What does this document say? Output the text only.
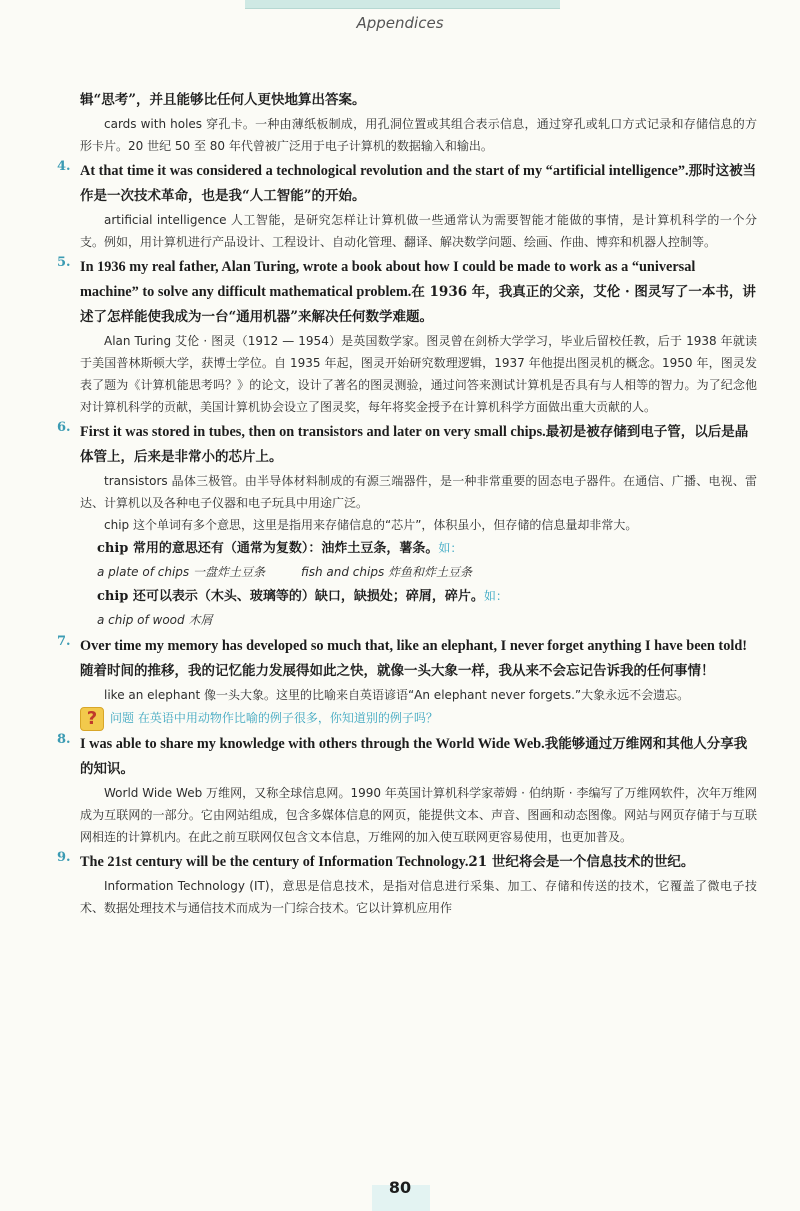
Appendices
辑“思考”，并且能够比任何人更快地算出答案。
cards with holes 穿孔卡。一种由薄纸板制成，用孔洞位置或其组合表示信息，通过穿孔或轧口方式记录和存储信息的方形卡片。20 世纪 50 至 80 年代曾被广泛用于电子计算机的数据输入和输出。
4. At that time it was considered a technological revolution and the start of my “artificial intelligence”.那时这被当作是一次技术革命，也是我“人工智能”的开始。
artificial intelligence 人工智能，是研究怎样让计算机做一些通常认为需要智能才能做的事情，是计算机科学的一个分支。例如，用计算机进行产品设计、工程设计、自动化管理、翻译、解决数学问题、绘画、作曲、博弈和机器人控制等。
5. In 1936 my real father, Alan Turing, wrote a book about how I could be made to work as a “universal machine” to solve any difficult mathematical problem.在 1936 年，我真正的父亲，艾伦 · 图灵写了一本书，讲述了怎样能使我成为一台“通用机器”来解决任何数学难题。
Alan Turing 艾伦 · 图灵（1912 — 1954）是英国数学家。图灵曾在剑桥大学学习，毕业后留校任教，后于 1938 年就读于美国普林斯顿大学，获博士学位。自 1935 年起，图灵开始研究数理逻辑，1937 年他提出图灵机的概念。1950 年，图灵发表了题为《计算机能思考吗？》的论文，设计了著名的图灵测验，通过问答来测试计算机是否具有与人相等的智力。为了纪念他对计算机科学的贡献，美国计算机协会设立了图灵奖，每年将奖金授予在计算机科学方面做出重大贡献的人。
6. First it was stored in tubes, then on transistors and later on very small chips.最初是被存储到电子管，以后是晶体管上，后来是非常小的芯片上。
transistors 晶体三极管。由半导体材料制成的有源三端器件，是一种非常重要的固态电子器件。在通信、广播、电视、雷达、计算机以及各种电子仪器和电子玩具中用途广泛。
chip 这个单词有多个意思，这里是指用来存储信息的“芯片”，体积虽小，但存储的信息量却非常大。
chip 常用的意思还有（通常为复数）：油炸土豆条，薯条。如：
a plate of chips 一盘炸土豆条	fish and chips 炸鱼和炸土豆条
chip 还可以表示（木头、玻璃等的）缺口，缺损处；碎屑，碎片。如：
a chip of wood 木屑
7. Over time my memory has developed so much that, like an elephant, I never forget anything I have been told!随着时间的推移，我的记忆能力发展得如此之快，就像一头大象一样，我从来不会忘记告诉我的任何事情！
like an elephant 像一头大象。这里的比喻来自英语谚语“An elephant never forgets.”大象永远不会遗忘。
?	问题 在英语中用动物作比喻的例子很多，你知道别的例子吗？
8. I was able to share my knowledge with others through the World Wide Web.我能够通过万维网和其他人分享我的知识。
World Wide Web 万维网，又称全球信息网。1990 年英国计算机科学家蒂姆 · 伯纳斯 · 李编写了万维网软件，次年万维网成为互联网的一部分。它由网站组成，包含多媒体信息的网页，能提供文本、声音、图画和动态图像。网站与网页存储于与互联网相连的计算机内。在此之前互联网仅包含文本信息，万维网的加入使互联网更容易使用，也更加普及。
9. The 21st century will be the century of Information Technology.21 世纪将会是一个信息技术的世纪。
Information Technology (IT)，意思是信息技术，是指对信息进行采集、加工、存储和传送的技术，它覆盖了微电子技术、数据处理技术与通信技术而成为一门综合技术。它以计算机应用作
80
